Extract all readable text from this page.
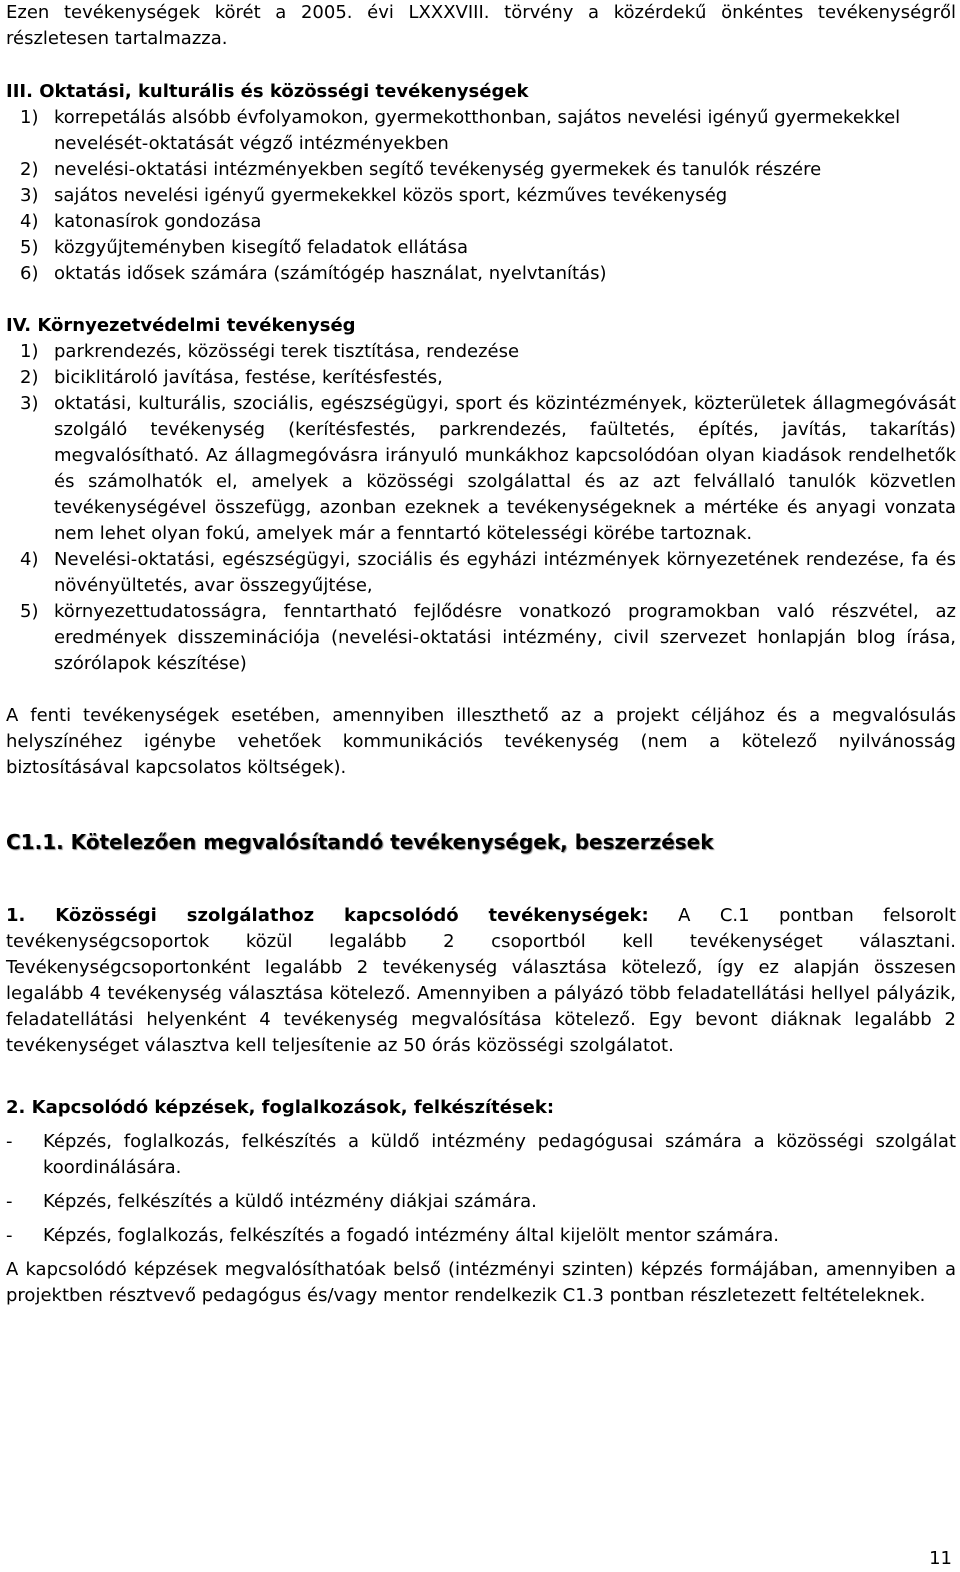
Ezen tevékenységek körét a 2005. évi LXXXVIII. törvény a közérdekű önkéntes tevékenységről részletesen tartalmazza.

III. Oktatási, kulturális és közösségi tevékenységek

1) korrepetálás alsóbb évfolyamokon, gyermekotthonban, sajátos nevelési igényű gyermekekkel nevelését-oktatását végző intézményekben
2) nevelési-oktatási intézményekben segítő tevékenység gyermekek és tanulók részére
3) sajátos nevelési igényű gyermekekkel közös sport, kézműves tevékenység
4) katonasírok gondozása
5) közgyűjteményben kisegítő feladatok ellátása
6) oktatás idősek számára (számítógép használat, nyelvtanítás)

IV. Környezetvédelmi tevékenység

1) parkrendezés, közösségi terek tisztítása, rendezése
2) biciklitároló javítása, festése, kerítésfestés,
3) oktatási, kulturális, szociális, egészségügyi, sport és közintézmények, közterületek állagmegóvását szolgáló tevékenység (kerítésfestés, parkrendezés, faültetés, építés, javítás, takarítás) megvalósítható. Az állagmegóvásra irányuló munkákhoz kapcsolódóan olyan kiadások rendelhetők és számolhatók el, amelyek a közösségi szolgálattal és az azt felvállaló tanulók közvetlen tevékenységével összefügg, azonban ezeknek a tevékenységeknek a mértéke és anyagi vonzata nem lehet olyan fokú, amelyek már a fenntartó kötelességi körébe tartoznak.
4) Nevelési-oktatási, egészségügyi, szociális és egyházi intézmények környezetének rendezése, fa és növényültetés, avar összegyűjtése,
5) környezettudatosságra, fenntartható fejlődésre vonatkozó programokban való részvétel, az eredmények disszeminációja (nevelési-oktatási intézmény, civil szervezet honlapján blog írása, szórólapok készítése)

A fenti tevékenységek esetében, amennyiben illeszthető az a projekt céljához és a megvalósulás helyszínéhez igénybe vehetőek kommunikációs tevékenység (nem a kötelező nyilvánosság biztosításával kapcsolatos költségek).

C1.1. Kötelezően megvalósítandó tevékenységek, beszerzések

1. Közösségi szolgálathoz kapcsolódó tevékenységek: A C.1 pontban felsorolt tevékenységcsoportok közül legalább 2 csoportból kell tevékenységet választani. Tevékenységcsoportonként legalább 2 tevékenység választása kötelező, így ez alapján összesen legalább 4 tevékenység választása kötelező. Amennyiben a pályázó több feladatellátási hellyel pályázik, feladatellátási helyenként 4 tevékenység megvalósítása kötelező. Egy bevont diáknak legalább 2 tevékenységet választva kell teljesítenie az 50 órás közösségi szolgálatot.

2. Kapcsolódó képzések, foglalkozások, felkészítések:

-	Képzés, foglalkozás, felkészítés a küldő intézmény pedagógusai számára a közösségi szolgálat koordinálására.
-	Képzés, felkészítés a küldő intézmény diákjai számára.
-	Képzés, foglalkozás, felkészítés a fogadó intézmény által kijelölt mentor számára.

A kapcsolódó képzések megvalósíthatóak belső (intézményi szinten) képzés formájában, amennyiben a projektben résztvevő pedagógus és/vagy mentor rendelkezik C1.3 pontban részletezett feltételeknek.

11
